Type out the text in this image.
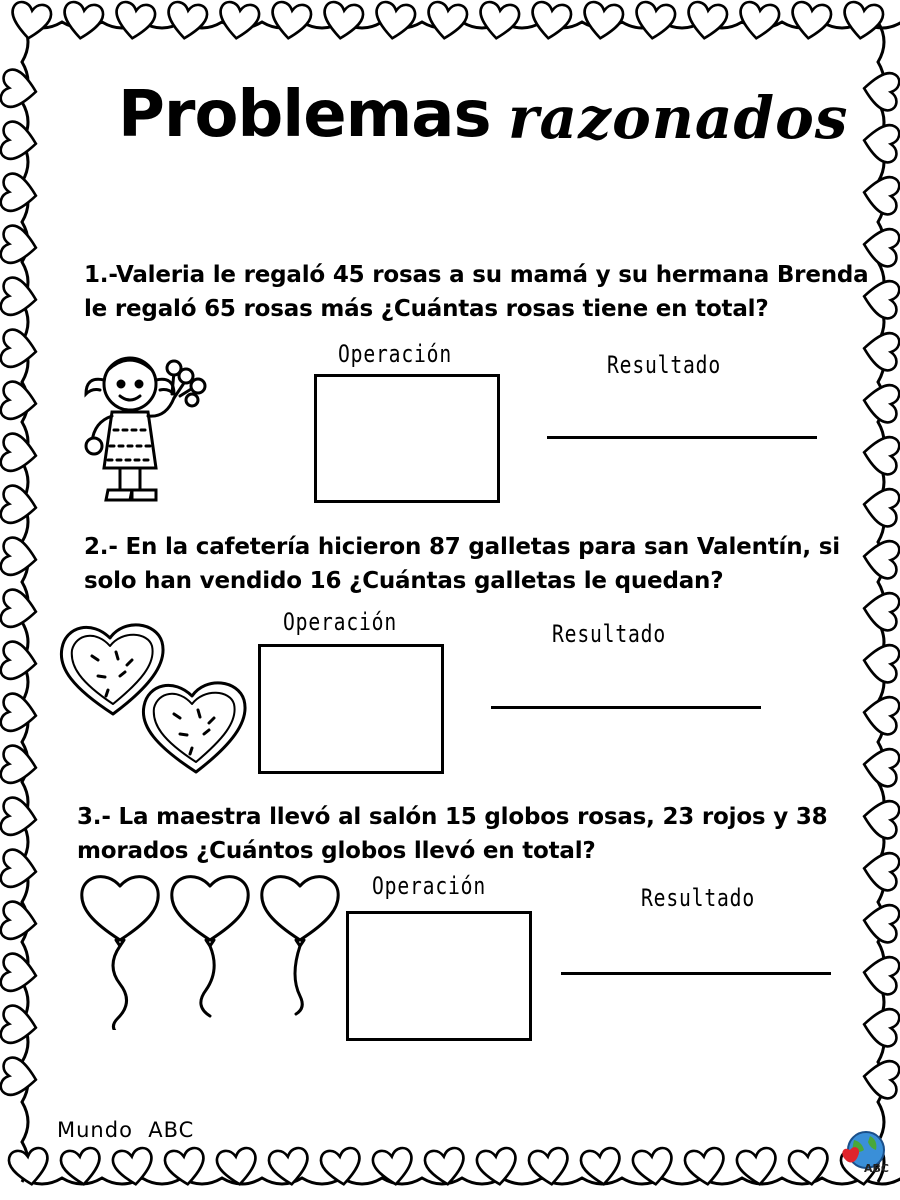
Problemas razonados

1.-Valeria le regaló 45 rosas a su mamá y su hermana Brenda
le regaló 65 rosas más ¿Cuántas rosas tiene en total?

Operación	Resultado

2.- En la cafetería hicieron 87 galletas para san Valentín, si
solo han vendido 16 ¿Cuántas galletas le quedan?

Operación	Resultado

3.- La maestra llevó al salón 15 globos rosas, 23 rojos y 38
morados ¿Cuántos globos llevó en total?

Operación	Resultado

Mundo  ABC

ABC
